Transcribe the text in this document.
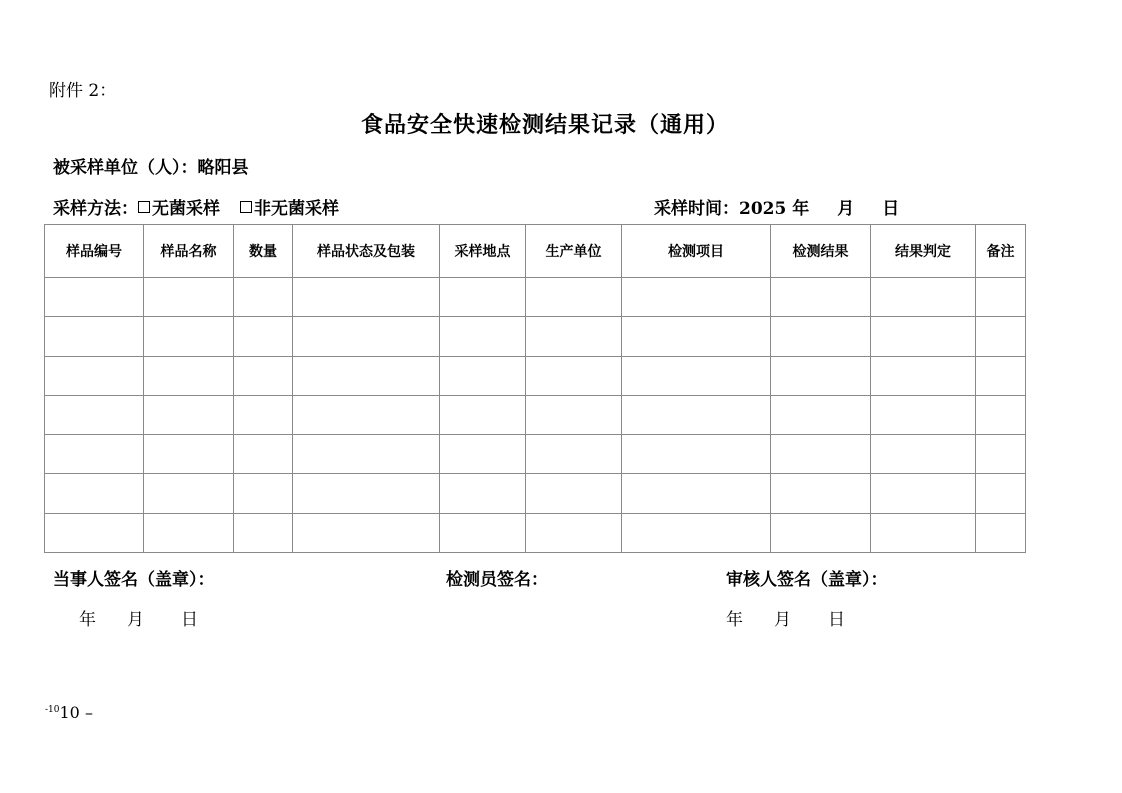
附件 2：
食品安全快速检测结果记录（通用）
被采样单位（人）：略阳县
采样方法： 无菌采样 非无菌采样	采样时间：2025 年 月 日
样品编号	样品名称	数量	样品状态及包装	采样地点	生产单位	检测项目	检测结果	结果判定	备注

当事人签名（盖章）：	检测员签名：	审核人签名（盖章）：
年 月 日	年 月 日
$^{-10}$10 –
